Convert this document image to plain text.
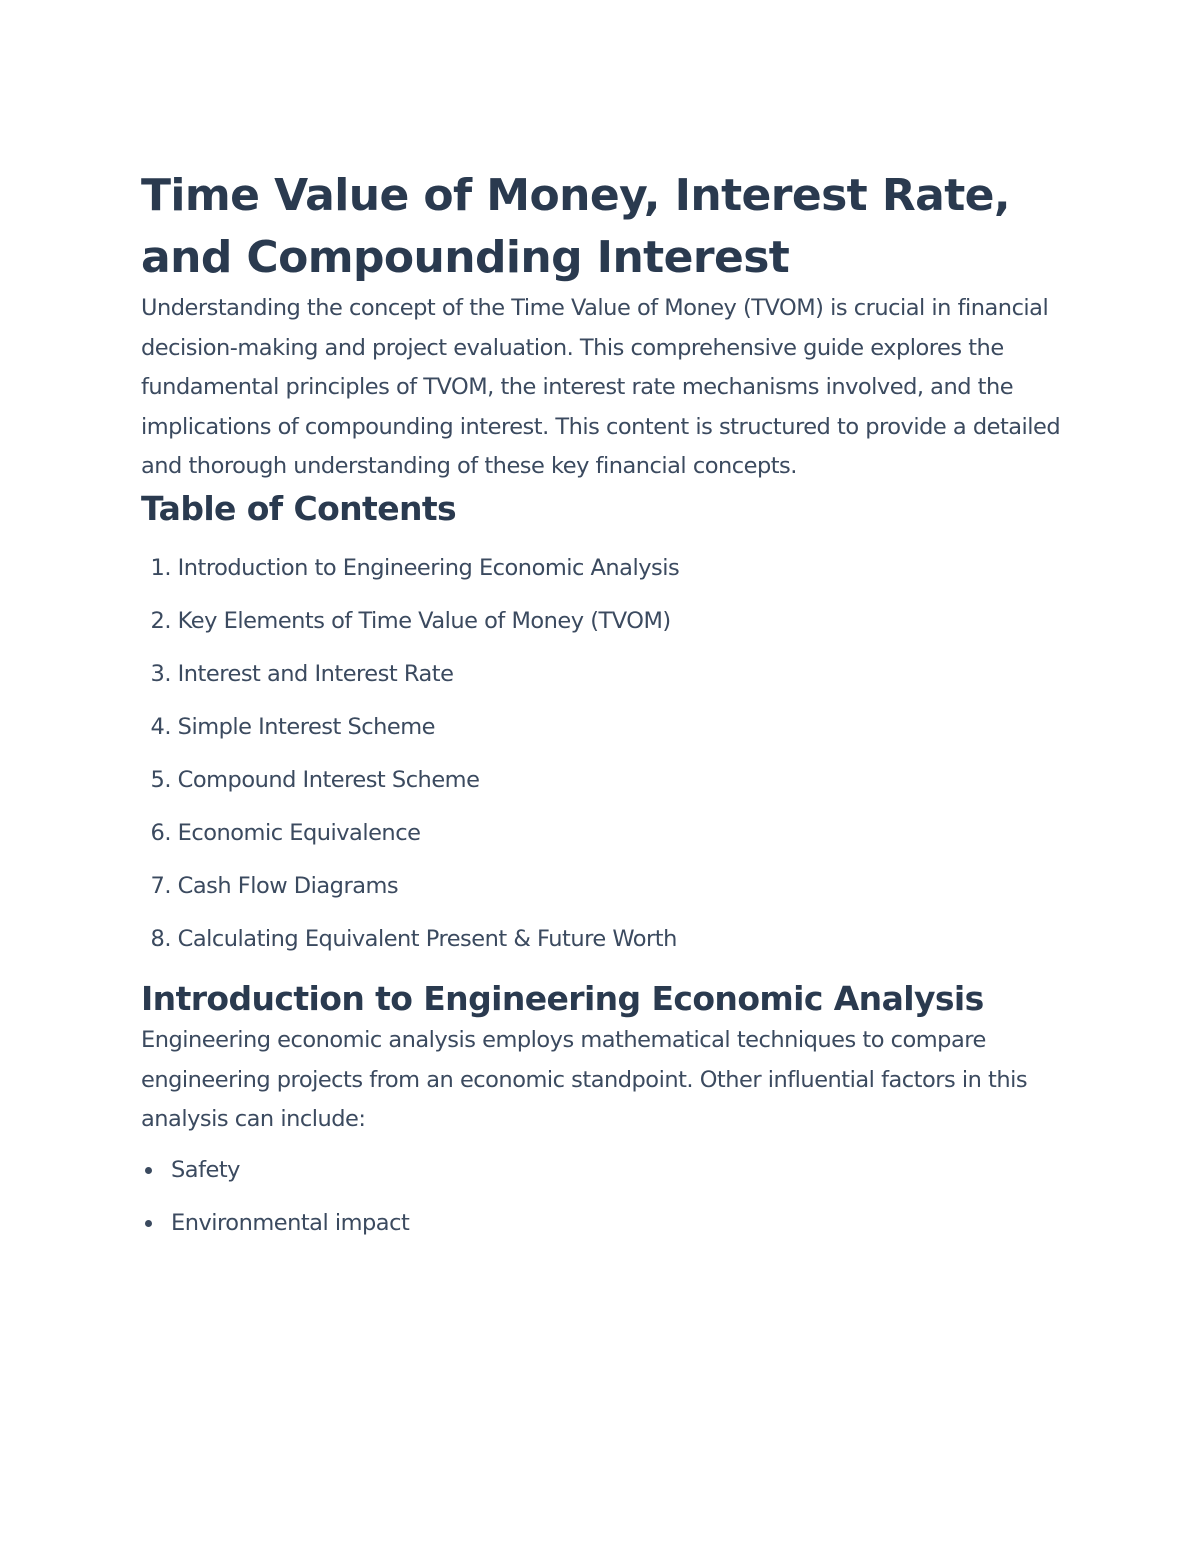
Time Value of Money, Interest Rate, and Compounding Interest

Understanding the concept of the Time Value of Money (TVOM) is crucial in financial decision-making and project evaluation. This comprehensive guide explores the fundamental principles of TVOM, the interest rate mechanisms involved, and the implications of compounding interest. This content is structured to provide a detailed and thorough understanding of these key financial concepts.

Table of Contents
1. Introduction to Engineering Economic Analysis
2. Key Elements of Time Value of Money (TVOM)
3. Interest and Interest Rate
4. Simple Interest Scheme
5. Compound Interest Scheme
6. Economic Equivalence
7. Cash Flow Diagrams
8. Calculating Equivalent Present & Future Worth
Introduction to Engineering Economic Analysis

Engineering economic analysis employs mathematical techniques to compare engineering projects from an economic standpoint. Other influential factors in this analysis can include:

Safety
Environmental impact
